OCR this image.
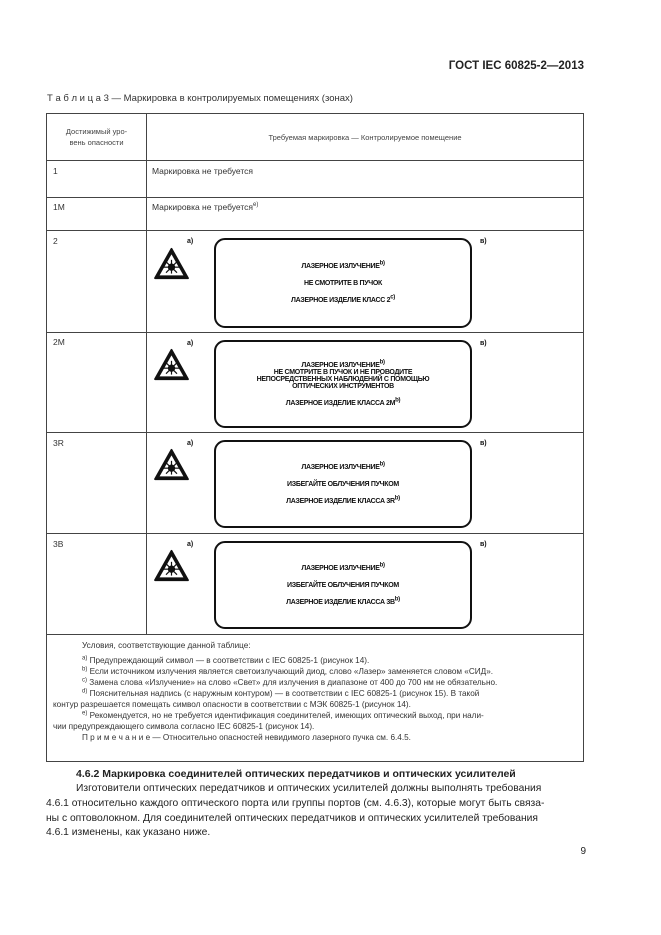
ГОСТ IEC 60825-2—2013
Т а б л и ц а 3 — Маркировка в контролируемых помещениях (зонах)
Достижимый уро-
вень опасности
Требуемая маркировка — Контролируемое помещение
1	Маркировка не требуется
1M	Маркировка не требуется$^{e)}$
2	a)	в)
ЛАЗЕРНОЕ ИЗЛУЧЕНИЕ$^{b)}$
НЕ СМОТРИТЕ В ПУЧОК
ЛАЗЕРНОЕ ИЗДЕЛИЕ КЛАСС 2$^{c)}$
2M	a)	в)
ЛАЗЕРНОЕ ИЗЛУЧЕНИЕ$^{b)}$
НЕ СМОТРИТЕ В ПУЧОК И НЕ ПРОВОДИТЕ
НЕПОСРЕДСТВЕННЫХ НАБЛЮДЕНИЙ С ПОМОЩЬЮ
ОПТИЧЕСКИХ ИНСТРУМЕНТОВ
ЛАЗЕРНОЕ ИЗДЕЛИЕ КЛАССА $2M^{b)}$
3R	a)	в)
ЛАЗЕРНОЕ ИЗЛУЧЕНИЕ$^{b)}$
ИЗБЕГАЙТЕ ОБЛУЧЕНИЯ ПУЧКОМ
ЛАЗЕРНОЕ ИЗДЕЛИЕ КЛАССА $3R^{b)}$
3B	a)	в)
ЛАЗЕРНОЕ ИЗЛУЧЕНИЕ$^{b)}$
ИЗБЕГАЙТЕ ОБЛУЧЕНИЯ ПУЧКОМ
ЛАЗЕРНОЕ ИЗДЕЛИЕ КЛАССА $3B^{b)}$
Условия, соответствующие данной таблице:
$^{a)}$ Предупреждающий символ — в соответствии с IEC 60825-1 (рисунок 14).
$^{b)}$ Если источником излучения является светоизлучающий диод, слово «Лазер» заменяется словом «СИД».
$^{c)}$ Замена слова «Излучение» на слово «Свет» для излучения в диапазоне от 400 до 700 нм не обязательно.
$^{d)}$ Пояснительная надпись (с наружным контуром) — в соответствии с IEC 60825-1 (рисунок 15). В такой
контур разрешается помещать символ опасности в соответствии с МЭК 60825-1 (рисунок 14).
$^{e)}$ Рекомендуется, но не требуется идентификация соединителей, имеющих оптический выход, при нали-
чии предупреждающего символа согласно IEC 60825-1 (рисунок 14).
П р и м е ч а н и е — Относительно опасностей невидимого лазерного пучка см. 6.4.5.
4.6.2 Маркировка соединителей оптических передатчиков и оптических усилителей
Изготовители оптических передатчиков и оптических усилителей должны выполнять требования
4.6.1 относительно каждого оптического порта или группы портов (см. 4.6.3), которые могут быть связа-
ны с оптоволокном. Для соединителей оптических передатчиков и оптических усилителей требования
4.6.1 изменены, как указано ниже.
9
